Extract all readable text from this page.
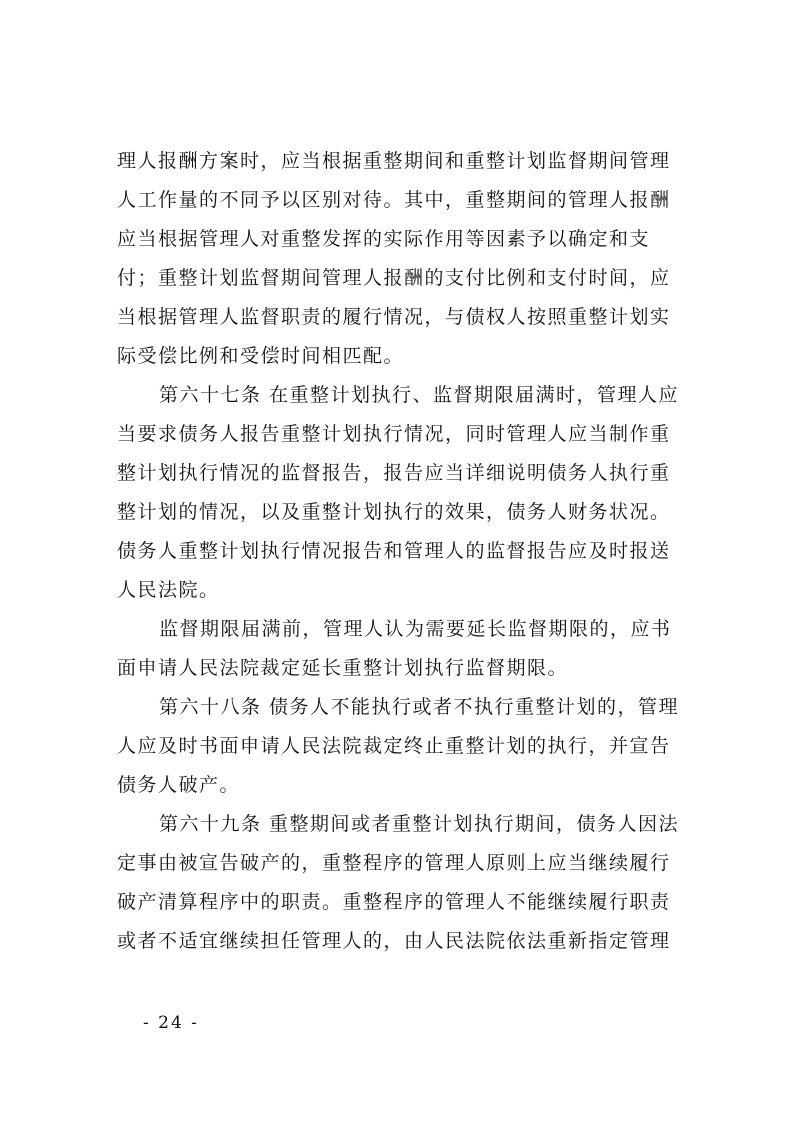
理人报酬方案时，应当根据重整期间和重整计划监督期间管理
人工作量的不同予以区别对待。其中，重整期间的管理人报酬
应当根据管理人对重整发挥的实际作用等因素予以确定和支
付；重整计划监督期间管理人报酬的支付比例和支付时间，应
当根据管理人监督职责的履行情况，与债权人按照重整计划实
际受偿比例和受偿时间相匹配。
第六十七条 在重整计划执行、监督期限届满时，管理人应
当要求债务人报告重整计划执行情况，同时管理人应当制作重
整计划执行情况的监督报告，报告应当详细说明债务人执行重
整计划的情况，以及重整计划执行的效果，债务人财务状况。
债务人重整计划执行情况报告和管理人的监督报告应及时报送
人民法院。
监督期限届满前，管理人认为需要延长监督期限的，应书
面申请人民法院裁定延长重整计划执行监督期限。
第六十八条 债务人不能执行或者不执行重整计划的，管理
人应及时书面申请人民法院裁定终止重整计划的执行，并宣告
债务人破产。
第六十九条 重整期间或者重整计划执行期间，债务人因法
定事由被宣告破产的，重整程序的管理人原则上应当继续履行
破产清算程序中的职责。重整程序的管理人不能继续履行职责
或者不适宜继续担任管理人的，由人民法院依法重新指定管理
- 24 -
